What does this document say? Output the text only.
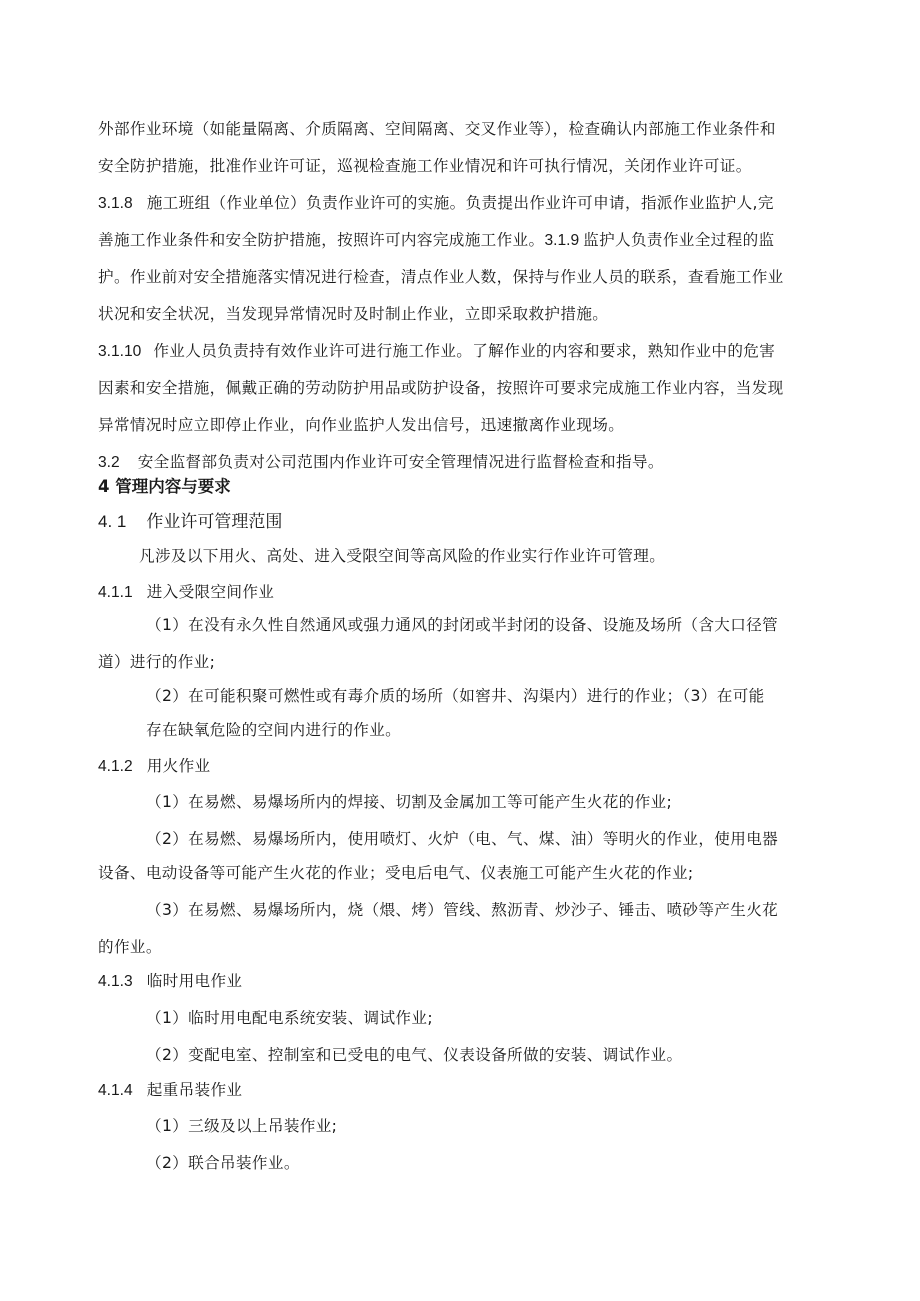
外部作业环境（如能量隔离、介质隔离、空间隔离、交叉作业等），检查确认内部施工作业条件和
安全防护措施，批准作业许可证，巡视检查施工作业情况和许可执行情况，关闭作业许可证。
3.1.8 施工班组（作业单位）负责作业许可的实施。负责提出作业许可申请，指派作业监护人,完
善施工作业条件和安全防护措施，按照许可内容完成施工作业。3.1.9 监护人负责作业全过程的监
护。作业前对安全措施落实情况进行检查，清点作业人数，保持与作业人员的联系，查看施工作业
状况和安全状况，当发现异常情况时及时制止作业，立即采取救护措施。
3.1.10 作业人员负责持有效作业许可进行施工作业。了解作业的内容和要求，熟知作业中的危害
因素和安全措施，佩戴正确的劳动防护用品或防护设备，按照许可要求完成施工作业内容，当发现
异常情况时应立即停止作业，向作业监护人发出信号，迅速撤离作业现场。
3.2 安全监督部负责对公司范围内作业许可安全管理情况进行监督检查和指导。
4 管理内容与要求
4. 1 作业许可管理范围
凡涉及以下用火、高处、进入受限空间等高风险的作业实行作业许可管理。
4.1.1 进入受限空间作业
（1）在没有永久性自然通风或强力通风的封闭或半封闭的设备、设施及场所（含大口径管
道）进行的作业;
（2）在可能积聚可燃性或有毒介质的场所（如窖井、沟渠内）进行的作业；（3）在可能
存在缺氧危险的空间内进行的作业。
4.1.2 用火作业
（1）在易燃、易爆场所内的焊接、切割及金属加工等可能产生火花的作业;
（2）在易燃、易爆场所内，使用喷灯、火炉（电、气、煤、油）等明火的作业，使用电器
设备、电动设备等可能产生火花的作业；受电后电气、仪表施工可能产生火花的作业;
（3）在易燃、易爆场所内，烧（煨、烤）管线、熬沥青、炒沙子、锤击、喷砂等产生火花
的作业。
4.1.3 临时用电作业
（1）临时用电配电系统安装、调试作业;
（2）变配电室、控制室和已受电的电气、仪表设备所做的安装、调试作业。
4.1.4 起重吊装作业
（1）三级及以上吊装作业;
（2）联合吊装作业。
